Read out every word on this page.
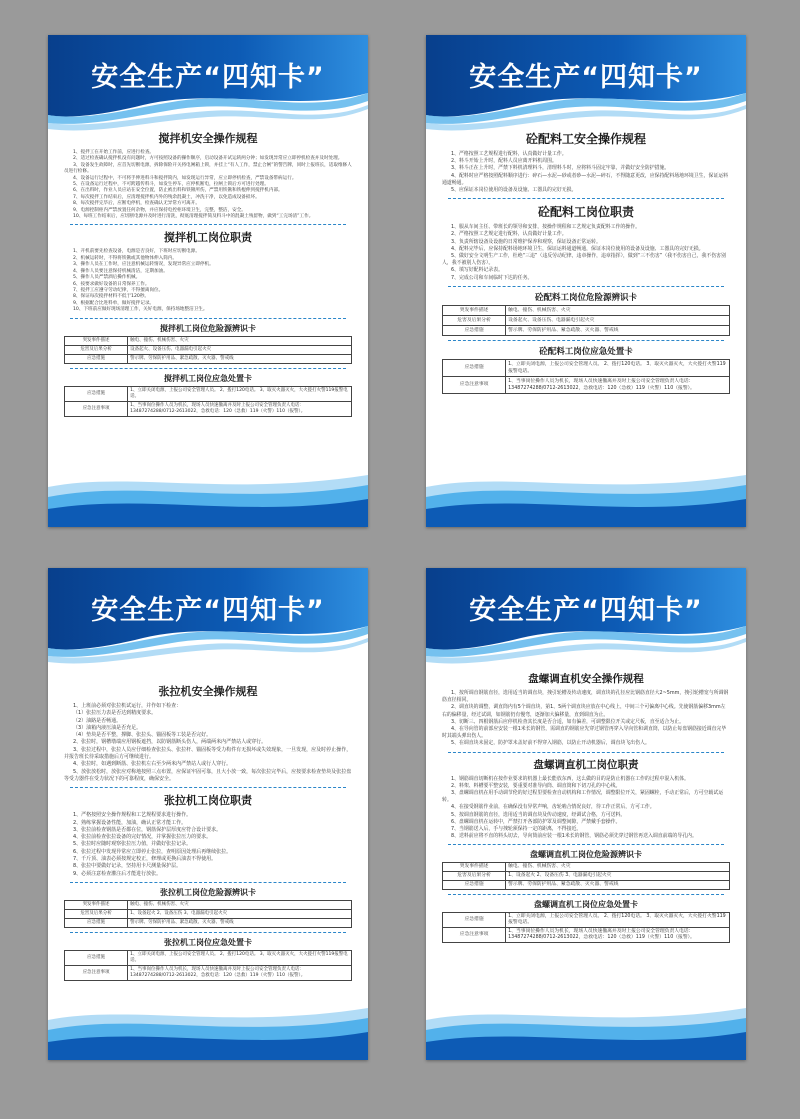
安全生产“四知卡”
搅拌机安全操作规程

1、搅拌工在开始工作前，应进行检查。

2、适过检查确认搅拌机没有问题时，方可按照设备的操作顺序，启动设备开试运转两分钟；如发现异常应立即停机检查并及时处理。

3、设备发生故障时，应首先切断电源，拆除保险开关将电闸箱上锁，并挂上“有人工作，禁止合闸”的警告牌，同时上报班长，适取维修人员进行检修。

4、设备运行过程中，不可将手伸进料斗和搅拌筒内，如发现运行异常，应立即停机检查，严禁设备带病运行。

5、在设备运行过程中，不可跨越传料斗，如发生停车，应停机断电，拉闸上锁后方可进行处理。

6、在出料时，作业人员应站在安全位置，防止被出料和铁锹所伤，严禁用铁锹和铁棍伸到搅拌机内部。

7、每次搅拌工作结束后，应清理搅拌机内外的残余混凝土，冲洗干净，以免造成设备损坏。

8、每次搅拌完毕后，应断电停机，检查确认无异常方可离开。

9、电源控制柜内严禁放置任何杂物，并应保持电控柜环境卫生，完整，整洁，安全。

10、每班工作结束后，应切断电源并及时进行清洗，彻底清理搅拌筒及料斗中的混凝土残留物，做到“工完场清”工作。

搅拌机工岗位职责

1、开机前要先检查设备，电源是否良好，下班时应切断电源。

2、机械运转时，不得将铁锹或其他物体伸入筒内。

3、操作人员在工作时，应注意机械运转情况，发现异常应立即停机。

4、操作人员要注意保持机械清洁，定期加油。

5、操作人员严禁酒后操作机械。

6、按要求做好设备的日常保养工作。

7、搅拌工应遵守劳动纪律，不得擅离岗位。

8、保证每次搅拌材料不低于120秒。

9、根据配合比进料单，做好搅拌记录。

10、下班前应做好现场清理工作，关好电源，保持场地整洁卫生。

搅拌机工岗位危险源辨识卡
突发事件描述	触电、撞伤、机械伤害、火灾
危害及后果分析	设备起火、设备压伤、电器漏电引起火灾
应急措施	警示牌、劳保防护用品、紧急疏散、灭火器、警戒线
搅拌机工岗位应急处置卡
应急措施	1、立即关闭电源，上报公司安全管理人员。 2、拨打120电话。 3、取灭火器灭火，大火拨打火警119报警电话。
应急注意事项	1、当事岗位操作人员为机长，现场人员快速撤离并及时上报公司安全管理负责人电话：13487274288/0712-2613022，急救电话：120（急救）119（火警）110（报警）。
安全生产“四知卡”
砼配料工安全操作规程

1、严格按照工艺规程进行配料，认真做好计量工作。

2、料斗开始上升时，配料人员应离开料机周围。

3、料斗正在上升时，严禁下料机清理料斗，清理料斗时，应将料斗固定牢靠，并做好安全防护措施。

4、配料时应严格按照配料顺序进行：碎石—水泥—砂或者砂—水泥—碎石，不得随意更改，应保持配料场地环境卫生，保证运料通道畅通。

5、应保证本岗位使用的设备及设施、工器具的完好无损。

砼配料工岗位职责

1、服从车间主任、带班长的领导和安排，按操作规程和工艺规定负责配料工作的操作。

2、严格按照工艺规定进行配料，认真做好计量工作。

3、负责所辖设备及设施的日常维护保养和观察，保证设备正常运转。

4、配料完毕后，应保持配料场地环境卫生，保证运料通道畅通，保证本岗位使用的设备及设施、工器具的完好无损。

5、做好安全文明生产工作，杜绝“三违”（违反劳动纪律，违章操作，违章指挥），做到“三不伤害”（我不伤害自己，我不伤害别人，我不被别人伤害）。

6、填写好配料记录表。

7、完成公司和车间临时下达的任务。

砼配料工岗位危险源辨识卡
突发事件描述	触电、撞伤、机械伤害、火灾
危害及后果分析	设备起火、设备压伤、电器漏电引起火灾
应急措施	警示牌、劳保防护用品、紧急疏散、灭火器、警戒线
砼配料工岗位应急处置卡
应急措施	1、立即关闭电源，上报公司安全管理人员。 2、拨打120电话。 3、取灭火器灭火，大火拨打火警119报警电话。
应急注意事项	1、当事岗位操作人员为机长，现场人员快速撤离并及时上报公司安全管理负责人电话：13487274288/0712-2613022，急救电话：120（急救）119（火警）110（报警）。
安全生产“四知卡”
张拉机安全操作规程

1、上班前必须对张拉机试运行，并作如下检查：

（1）张拉压力表是否达到精度要求。

（2）油路是否畅通。

（3）油箱内液压油是否充足。

（4）垫块是否平整，撑脚、张拉头、锚固板等工装是否完好。

2、张拉时，钢槽墩端应用钢板遮挡，以防钢筋断头伤人，两端两米内严禁站人或穿行。

3、张拉过程中，张拉人员应仔细检查张拉头、张拉杆、锚固板等受力构件有无损坏或失效现象，一旦发现，应及时停止操作，并报告班长待采取措施后方可继续进行。

4、张拉时，如遇到断筋、张拉机左右至少两米内严禁站人或行人穿行。

5、放张放松时，放张应对称地按照三点布置，应保证牢固可靠，且大小放一致，每次张拉完毕后，应按要求检查垫块及张拉盘等受力器件在受力状况下的可靠程度，确保安全。

张拉机工岗位职责

1、严格按照安全操作规程和工艺规程要求进行操作。

2、熟练掌握设备性能，加油，确认正常才能工作。

3、张拉前检查钢筋是否都在位，钢筋保护层厚度应符合设计要求。

4、张拉前检查张拉设备的完好情况，并掌握张拉压力的要求。

5、张拉时应随时观察张拉压力值，并做好张拉记录。

6、张拉过程中发现异常应立即停止张拉，查明原因处理后再继续张拉。

7、千斤顶、油表必须按规定校正，修理或更换后油表不得使用。

8、张拉中要做好记录，坚持用卡尺测量保护层。

9、必须注意检查灌注后才能进行放张。

张拉机工岗位危险源辨识卡
突发事件描述	触电、撞伤、机械伤害、火灾
危害及后果分析	1、设备起火 2、设备压伤 3、电器漏电引起火灾
应急措施	警示牌、劳保防护用品、紧急疏散、灭火器、警戒线
张拉机工岗位应急处置卡
应急措施	1、立即关闭电源，上报公司安全管理人员。 2、拨打120电话。 3、取灭火器灭火，大火拨打火警119报警电话。
应急注意事项	1、当事岗位操作人员为机长，现场人员快速撤离并及时上报公司安全管理负责人电话：13487274288/0712-2613022，急救电话：120（急救）119（火警）110（报警）。
安全生产“四知卡”
盘螺调直机安全操作规程

1、按所调直钢筋直径，选用适当的调直块，拽引轮槽及传动速度，调直块的孔径应比钢筋直径大2~5mm，拽引轮槽宽与所调钢筋直径相同。

2、调直块的调整，调直筒内有5个调直块，第1、5两个调直块应放在中心线上，中间三个可偏离中心线。先使钢筋偏移3mm左右的偏移量，经过试调，如钢筋仍有慢弯，逐渐加大偏移量，直到调直为止。

3、切断三、四根钢筋后应停机检查其长度是否合适，如有偏差，可调整限位开关或定尺板，直至适合为止。

4、在导向管的前部应安装一根1米长的钢管，需调直的钢筋应先穿过钢管再穿入导向管和调直筒，以防止每盘钢筋接近调直完毕时其端头弹出伤人。

5、在调直块未固定，防护罩未盖好前不得穿入钢筋，以防止开动机器后，调直块飞出伤人。

盘螺调直机工岗位职责

1、钢筋调直切断机在按作业要求的机器上最长能放东西，这么做的目的是防止机器在工作的过程中混入机体。

2、料架、料槽要平整安装，要重要对准导向筒、调直筒和下切刀孔的中心线。

3、盘螺调直机在用手动调节伦的好过程里要检查自动机构和工作情况，调整限位开关，紧固螺栓，手动正常后，方可空载试运转。

4、在接受钢筋作业前，在确保没有异常声响，齿轮啮合情况良好，待工作正常后，方可工作。

5、按调直钢筋的直径，选用适当的调直块及传动速度，经调试合格，方可送料。

6、盘螺调直机在运转中，严禁打开各部防护罩及调整间隙，严禁戴手套操作。

7、当钢筋送入后，手与拽轮须保持一定的距离，不得接近。

8、送料前应将不直的料头切去，导向筒前应装一根1米长的钢管，钢筋必须先穿过钢管再送入调直前端的导孔内。

盘螺调直机工岗位危险源辨识卡
突发事件描述	触电、撞伤、机械伤害、火灾
危害及后果分析	1、设备起火 2、设备压伤 3、电器漏电引起火灾
应急措施	警示牌、劳保防护用品、紧急疏散、灭火器、警戒线
盘螺调直机工岗位应急处置卡
应急措施	1、立即关闭电源，上报公司安全管理人员。 2、拨打120电话。 3、取灭火器灭火，大火拨打火警119报警电话。
应急注意事项	1、当事岗位操作人员为机长，现场人员快速撤离并及时上报公司安全管理负责人电话：13487274288/0712-2613022，急救电话：120（急救）119（火警）110（报警）。
